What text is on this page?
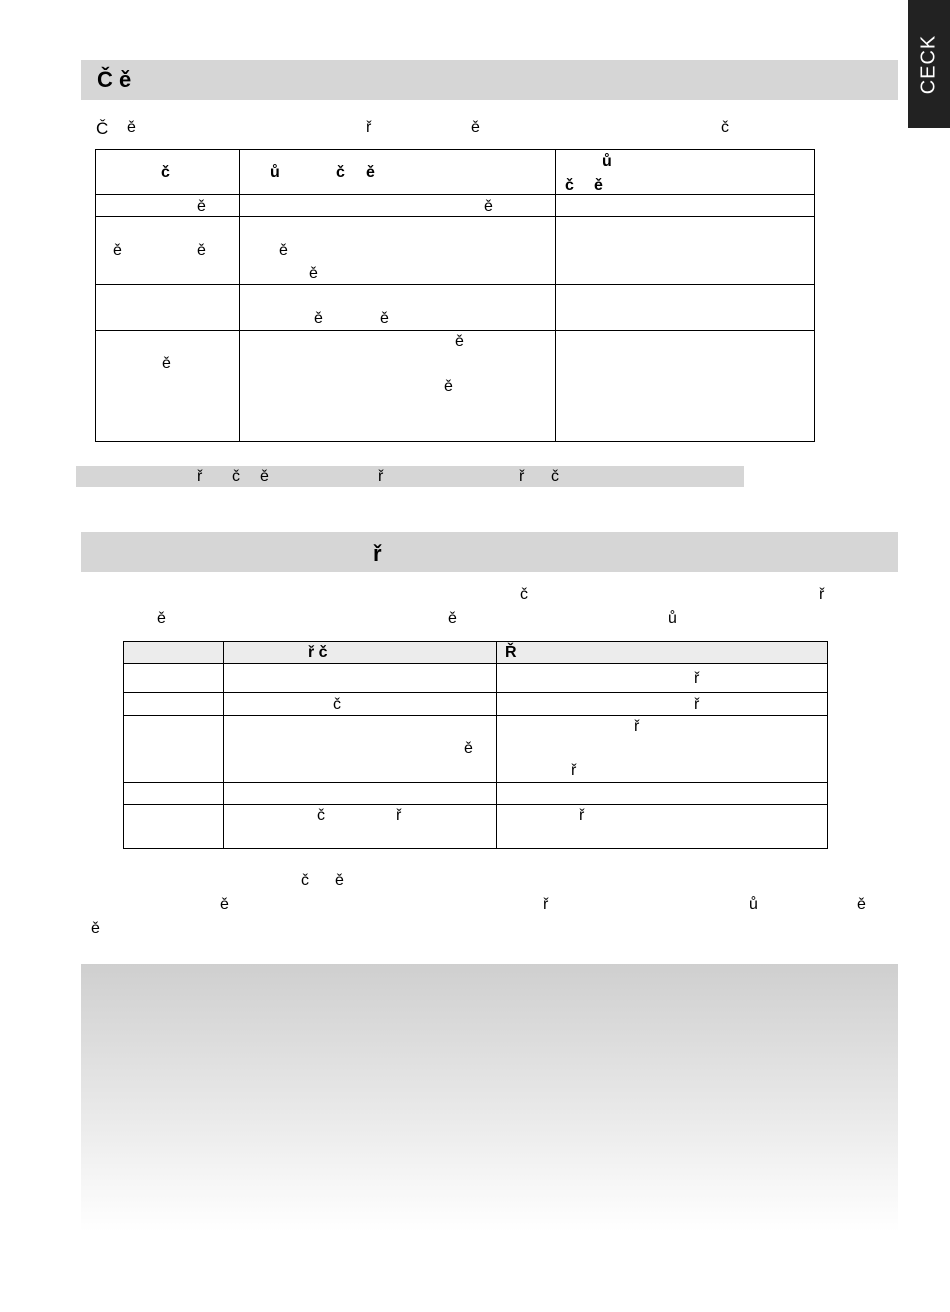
CECK
Č ě
Č ě	ř	ě	č
č	ů č ě	ů
č ě

ě	ě	

ě ě	ě
ě	

	ě ě	

ě	ě
ě	

ř č ě	ř	ř č
ř
č	ř
ě	ě	ů

	ř č	Ř

		ř

	č	ř

	ě	ř
ř

	č ř	ř
č ě
ě	ř	ů	ě
ě
